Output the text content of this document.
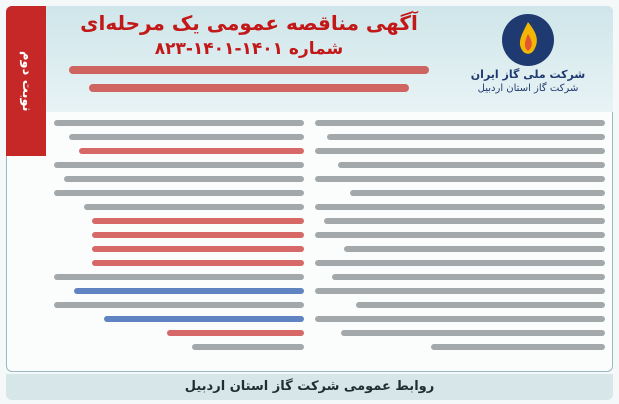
آگهی مناقصه عمومی یک مرحله‌ای
شماره ۱۴۰۱-۱۴۰۱-۸۲۳
شرکت ملی گاز ایران
شرکت گاز استان اردبیل
نوبت دوم
روابط عمومی شرکت گاز استان اردبیل
